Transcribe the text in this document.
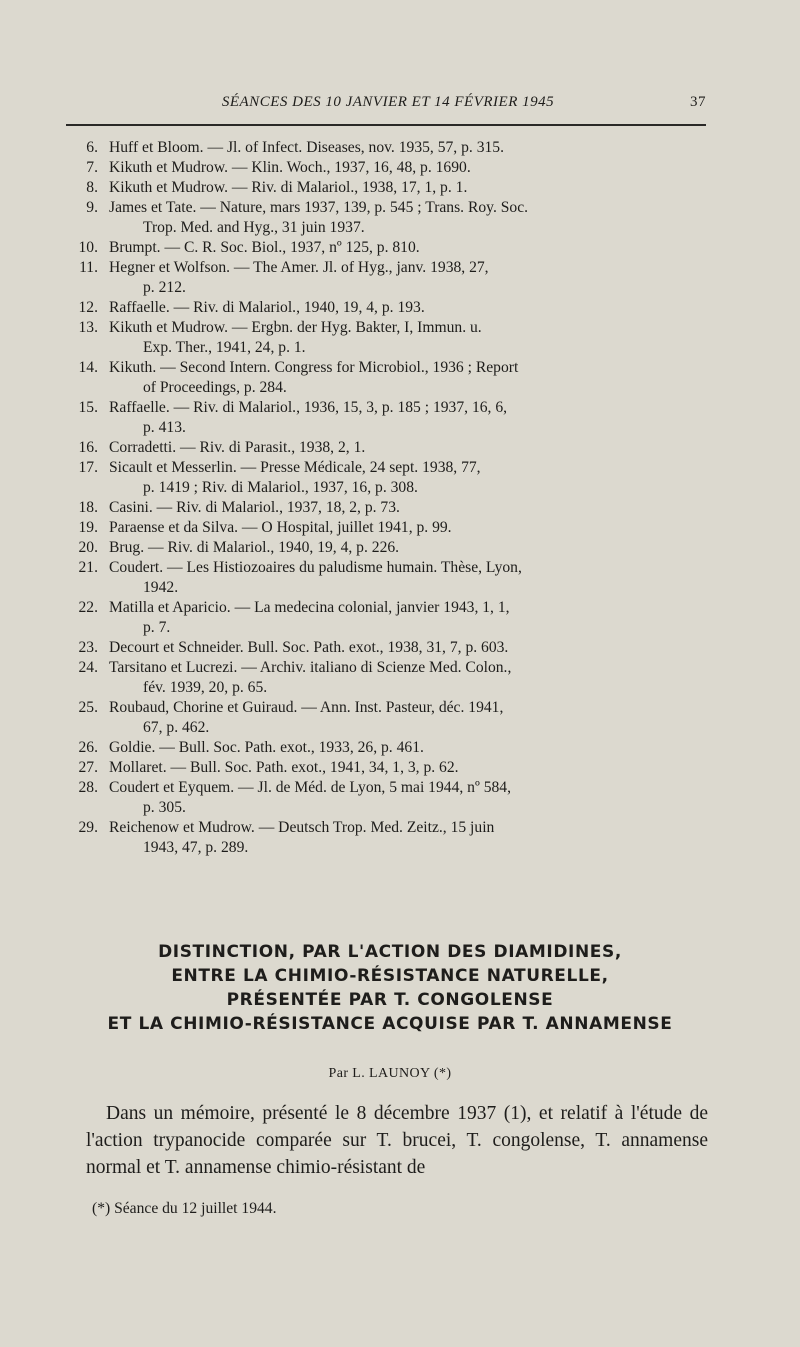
SÉANCES DES 10 JANVIER ET 14 FÉVRIER 1945	37
6. Huff et Bloom. — Jl. of Infect. Diseases, nov. 1935, 57, p. 315.
7. Kikuth et Mudrow. — Klin. Woch., 1937, 16, 48, p. 1690.
8. Kikuth et Mudrow. — Riv. di Malariol., 1938, 17, 1, p. 1.
9. James et Tate. — Nature, mars 1937, 139, p. 545 ; Trans. Roy. Soc.
Trop. Med. and Hyg., 31 juin 1937.
10. Brumpt. — C. R. Soc. Biol., 1937, nº 125, p. 810.
11. Hegner et Wolfson. — The Amer. Jl. of Hyg., janv. 1938, 27,
p. 212.
12. Raffaelle. — Riv. di Malariol., 1940, 19, 4, p. 193.
13. Kikuth et Mudrow. — Ergbn. der Hyg. Bakter, I, Immun. u.
Exp. Ther., 1941, 24, p. 1.
14. Kikuth. — Second Intern. Congress for Microbiol., 1936 ; Report
of Proceedings, p. 284.
15. Raffaelle. — Riv. di Malariol., 1936, 15, 3, p. 185 ; 1937, 16, 6,
p. 413.
16. Corradetti. — Riv. di Parasit., 1938, 2, 1.
17. Sicault et Messerlin. — Presse Médicale, 24 sept. 1938, 77,
p. 1419 ; Riv. di Malariol., 1937, 16, p. 308.
18. Casini. — Riv. di Malariol., 1937, 18, 2, p. 73.
19. Paraense et da Silva. — O Hospital, juillet 1941, p. 99.
20. Brug. — Riv. di Malariol., 1940, 19, 4, p. 226.
21. Coudert. — Les Histiozoaires du paludisme humain. Thèse, Lyon,
1942.
22. Matilla et Aparicio. — La medecina colonial, janvier 1943, 1, 1,
p. 7.
23. Decourt et Schneider. Bull. Soc. Path. exot., 1938, 31, 7, p. 603.
24. Tarsitano et Lucrezi. — Archiv. italiano di Scienze Med. Colon.,
fév. 1939, 20, p. 65.
25. Roubaud, Chorine et Guiraud. — Ann. Inst. Pasteur, déc. 1941,
67, p. 462.
26. Goldie. — Bull. Soc. Path. exot., 1933, 26, p. 461.
27. Mollaret. — Bull. Soc. Path. exot., 1941, 34, 1, 3, p. 62.
28. Coudert et Eyquem. — Jl. de Méd. de Lyon, 5 mai 1944, nº 584,
p. 305.
29. Reichenow et Mudrow. — Deutsch Trop. Med. Zeitz., 15 juin
1943, 47, p. 289.
DISTINCTION, PAR L'ACTION DES DIAMIDINES,
ENTRE LA CHIMIO-RÉSISTANCE NATURELLE,
PRÉSENTÉE PAR T. CONGOLENSE
ET LA CHIMIO-RÉSISTANCE ACQUISE PAR T. ANNAMENSE
Par L. LAUNOY (*)
Dans un mémoire, présenté le 8 décembre 1937 (1), et relatif à l'étude de l'action trypanocide comparée sur T. brucei, T. congolense, T. annamense normal et T. annamense chimio-résistant de
(*) Séance du 12 juillet 1944.
